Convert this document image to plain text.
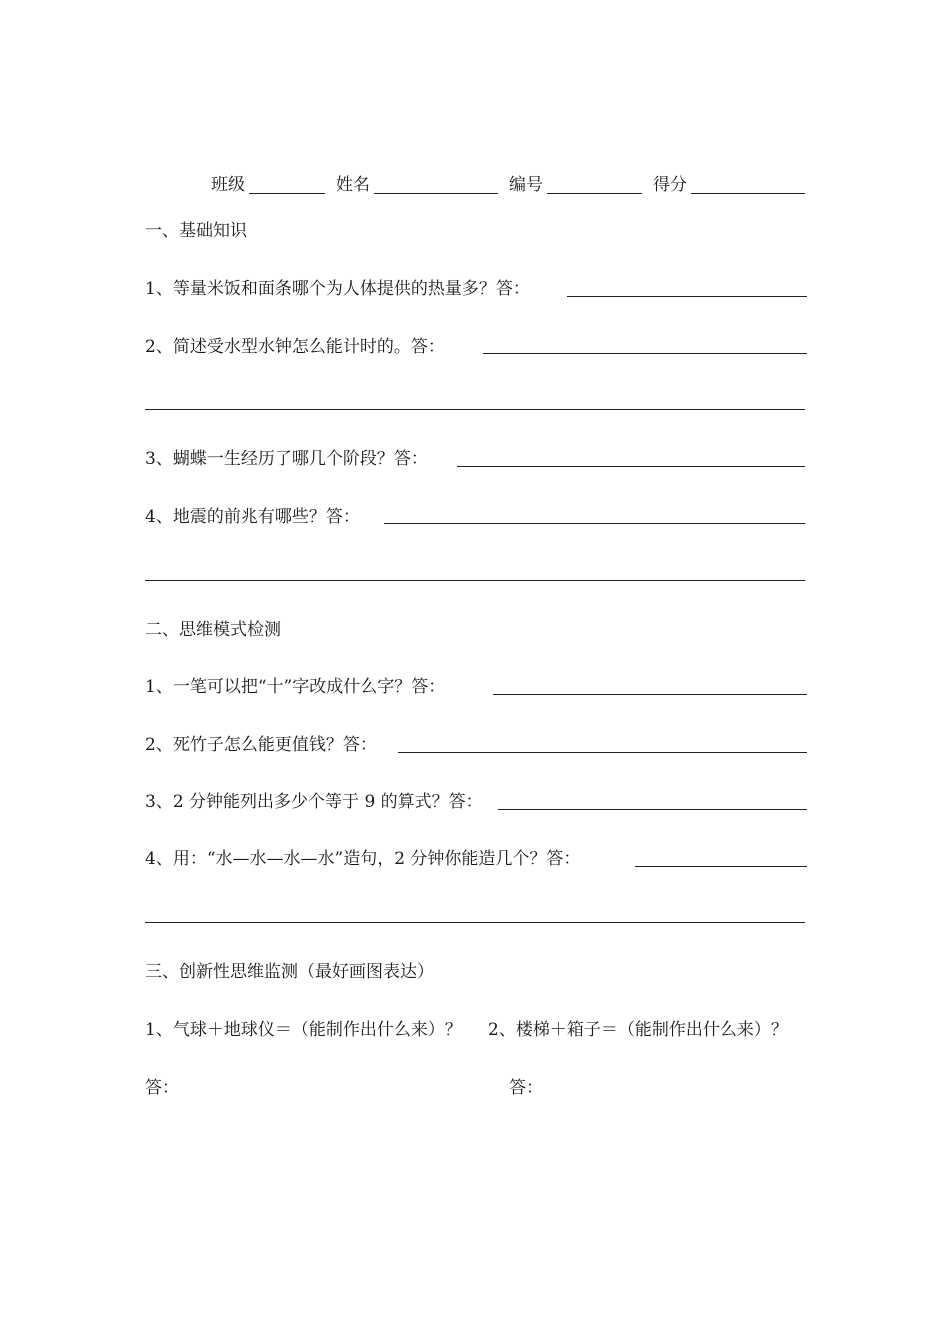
班级	姓名	编号	得分
一、基础知识
1、等量米饭和面条哪个为人体提供的热量多？答：
2、简述受水型水钟怎么能计时的。答：
3、蝴蝶一生经历了哪几个阶段？答：
4、地震的前兆有哪些？答：
二、思维模式检测
1、一笔可以把“十”字改成什么字？答：
2、死竹子怎么能更值钱？答：
3、2 分钟能列出多少个等于 9 的算式？答：
4、用：“水—水—水—水”造句，2 分钟你能造几个？答：
三、创新性思维监测（最好画图表达）
1、气球＋地球仪＝（能制作出什么来）？ 2、楼梯＋箱子＝（能制作出什么来）？
答：	答：
